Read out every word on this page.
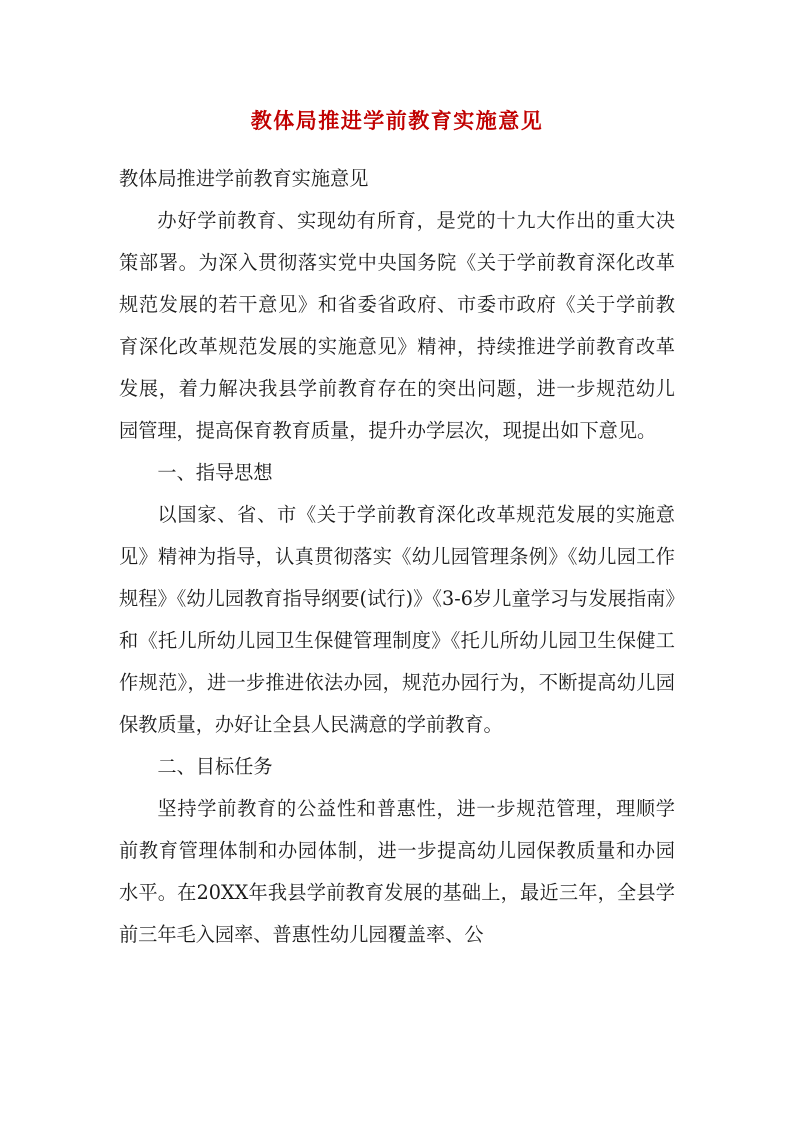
教体局推进学前教育实施意见

教体局推进学前教育实施意见

办好学前教育、实现幼有所育，是党的十九大作出的重大决策部署。为深入贯彻落实党中央国务院《关于学前教育深化改革规范发展的若干意见》和省委省政府、市委市政府《关于学前教育深化改革规范发展的实施意见》精神，持续推进学前教育改革发展，着力解决我县学前教育存在的突出问题，进一步规范幼儿园管理，提高保育教育质量，提升办学层次，现提出如下意见。

一、指导思想

以国家、省、市《关于学前教育深化改革规范发展的实施意见》精神为指导，认真贯彻落实《幼儿园管理条例》《幼儿园工作规程》《幼儿园教育指导纲要(试行)》《3-6岁儿童学习与发展指南》和《托儿所幼儿园卫生保健管理制度》《托儿所幼儿园卫生保健工作规范》，进一步推进依法办园，规范办园行为，不断提高幼儿园保教质量，办好让全县人民满意的学前教育。

二、目标任务

坚持学前教育的公益性和普惠性，进一步规范管理，理顺学前教育管理体制和办园体制，进一步提高幼儿园保教质量和办园水平。在20XX年我县学前教育发展的基础上，最近三年，全县学前三年毛入园率、普惠性幼儿园覆盖率、公
